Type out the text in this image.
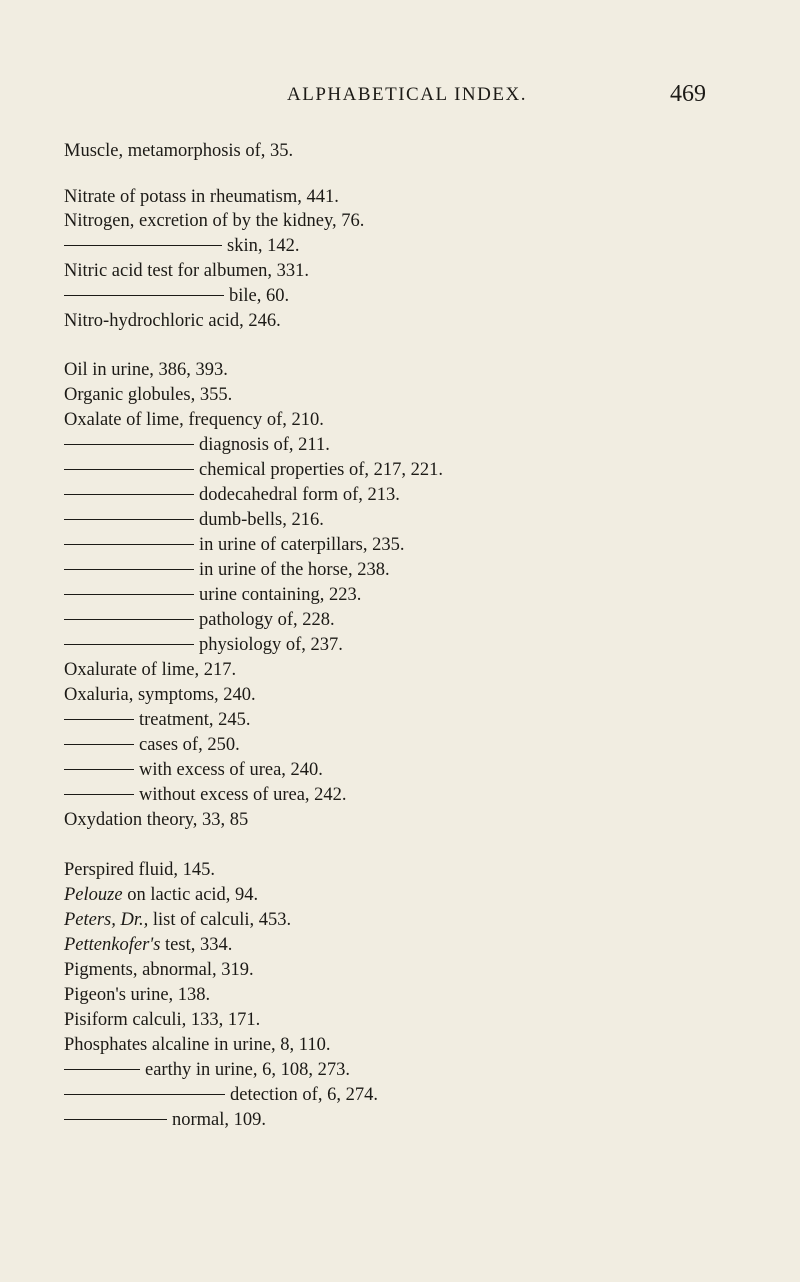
ALPHABETICAL INDEX.	469
Muscle, metamorphosis of, 35.
Nitrate of potass in rheumatism, 441.
Nitrogen, excretion of by the kidney, 76.
skin, 142.
Nitric acid test for albumen, 331.
bile, 60.
Nitro-hydrochloric acid, 246.
Oil in urine, 386, 393.
Organic globules, 355.
Oxalate of lime, frequency of, 210.
diagnosis of, 211.
chemical properties of, 217, 221.
dodecahedral form of, 213.
dumb-bells, 216.
in urine of caterpillars, 235.
in urine of the horse, 238.
urine containing, 223.
pathology of, 228.
physiology of, 237.
Oxalurate of lime, 217.
Oxaluria, symptoms, 240.
treatment, 245.
cases of, 250.
with excess of urea, 240.
without excess of urea, 242.
Oxydation theory, 33, 85
Perspired fluid, 145.
Pelouze on lactic acid, 94.
Peters, Dr., list of calculi, 453.
Pettenkofer's test, 334.
Pigments, abnormal, 319.
Pigeon's urine, 138.
Pisiform calculi, 133, 171.
Phosphates alcaline in urine, 8, 110.
earthy in urine, 6, 108, 273.
detection of, 6, 274.
normal, 109.
